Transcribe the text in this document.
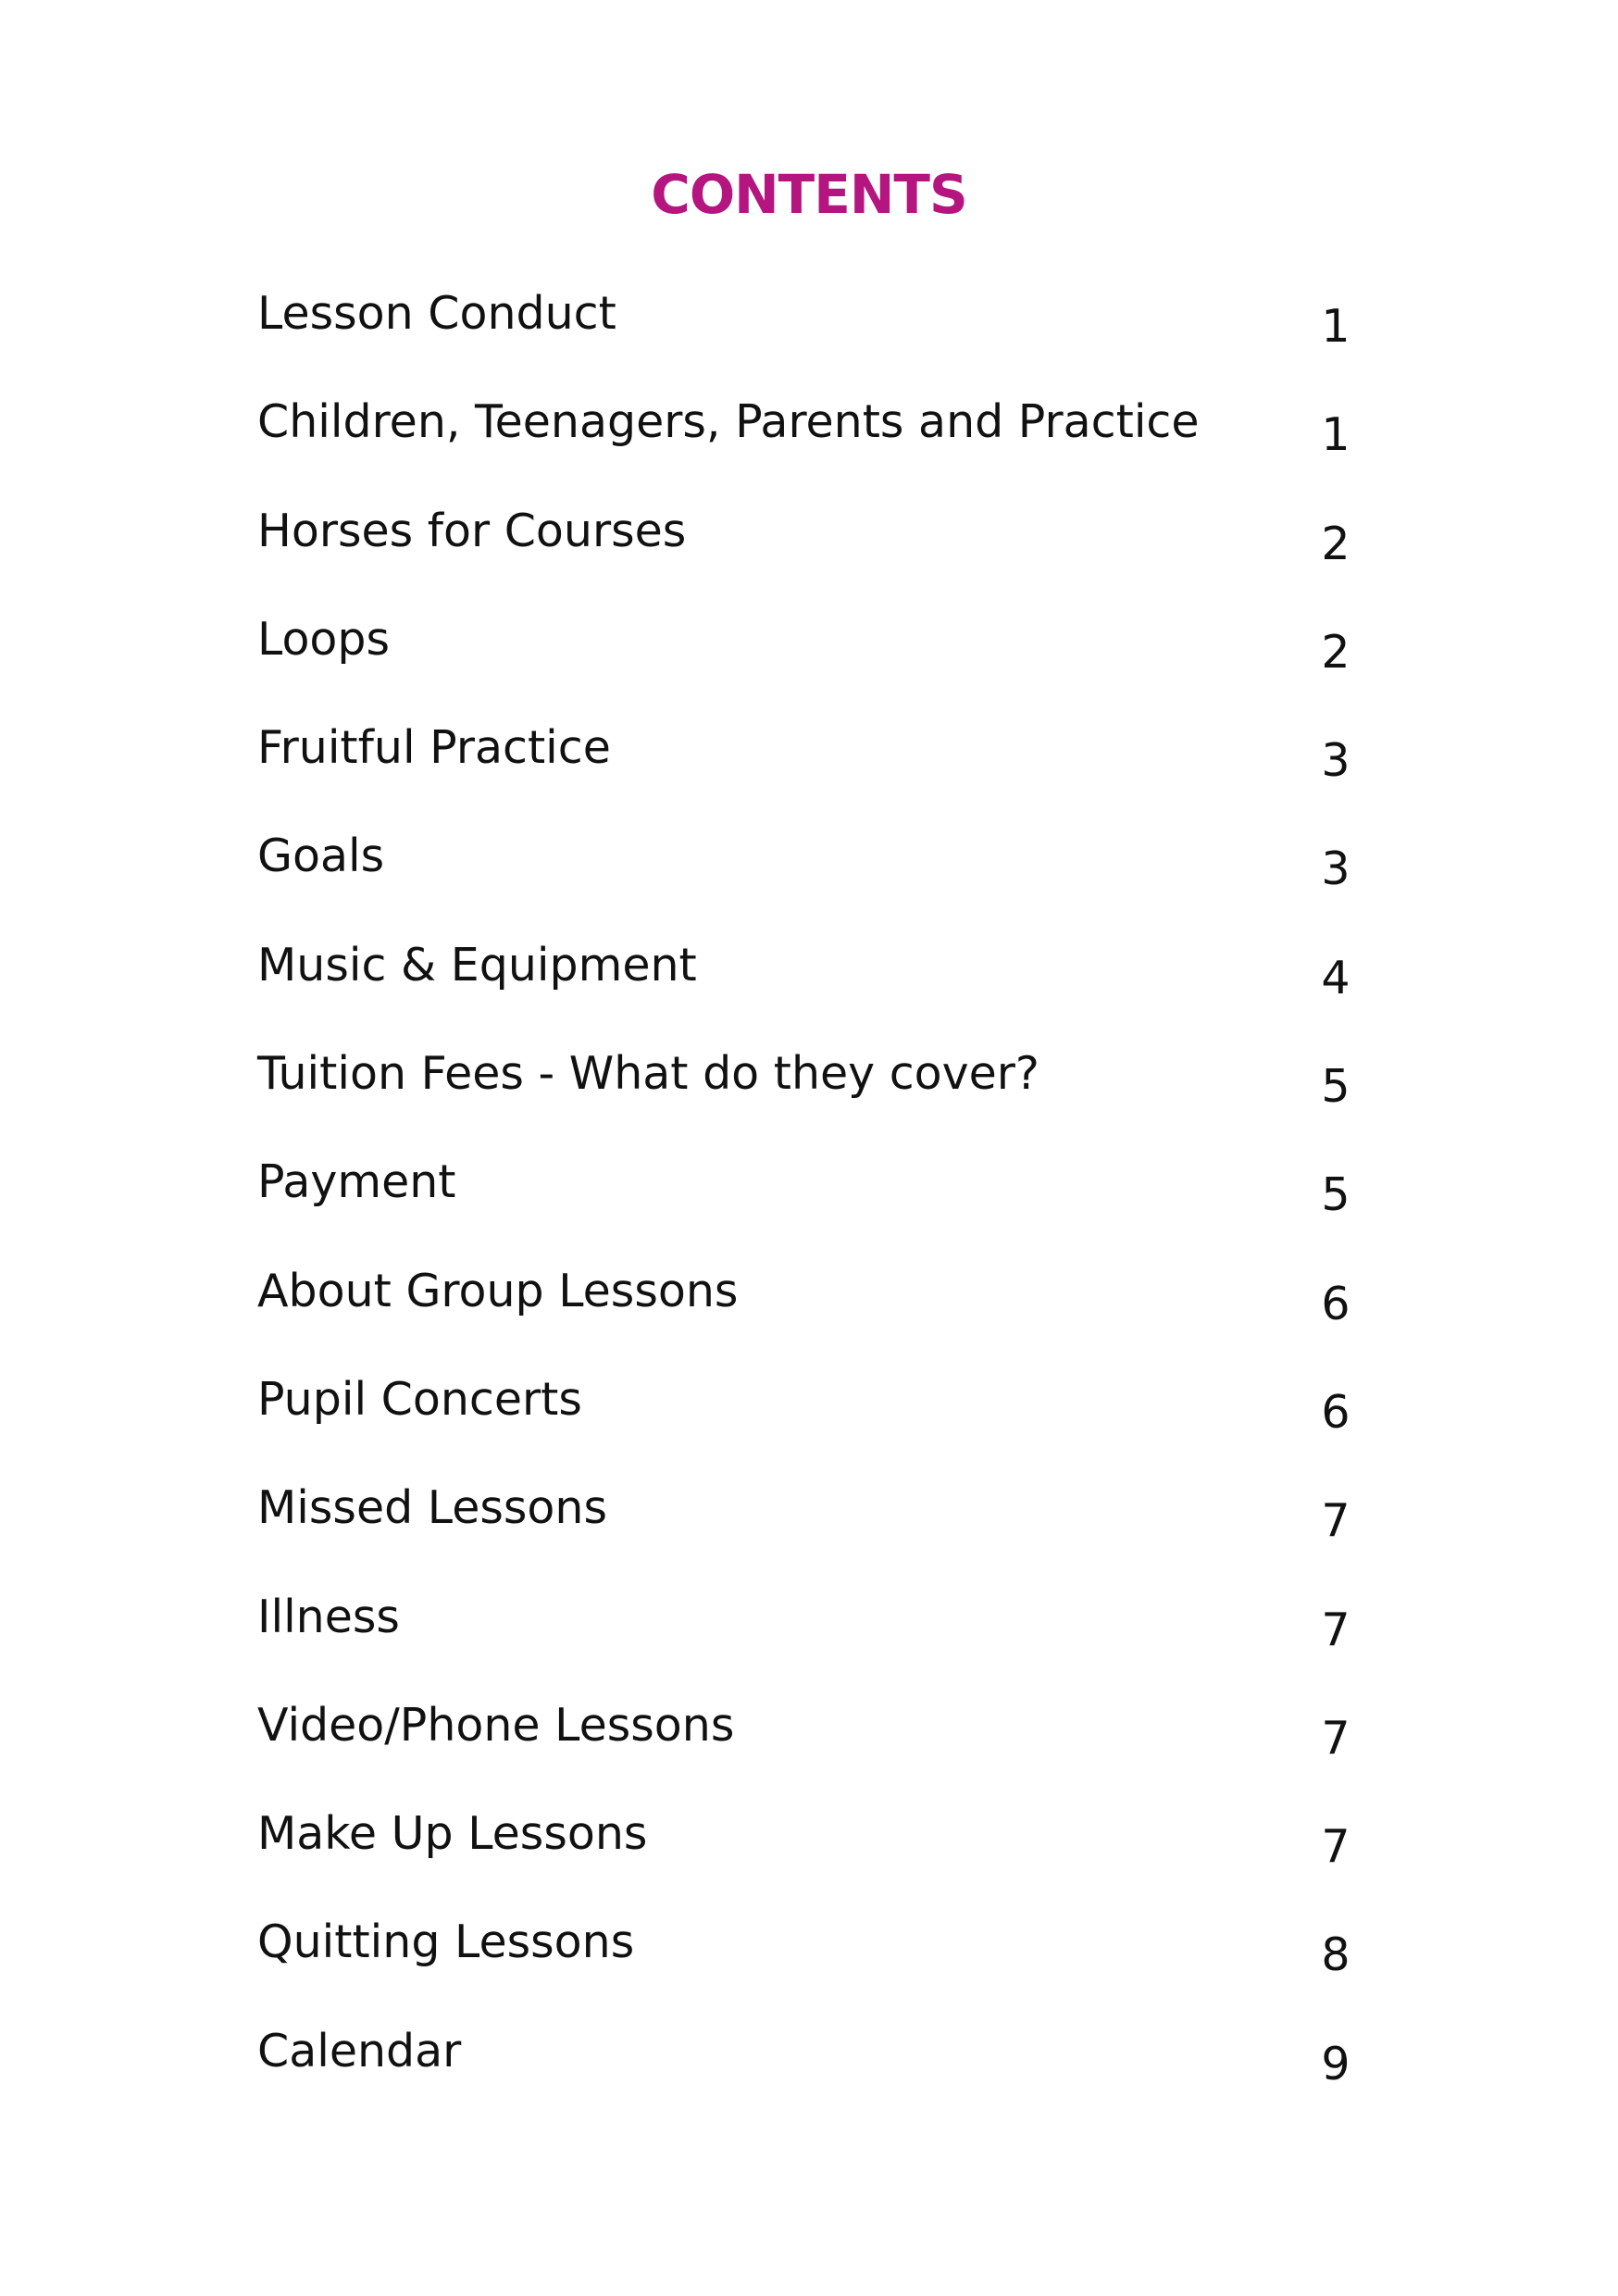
CONTENTS
Lesson Conduct	1
Children, Teenagers, Parents and Practice	1
Horses for Courses	2
Loops	2
Fruitful Practice	3
Goals	3
Music & Equipment	4
Tuition Fees - What do they cover?	5
Payment	5
About Group Lessons	6
Pupil Concerts	6
Missed Lessons	7
Illness	7
Video/Phone Lessons	7
Make Up Lessons	7
Quitting Lessons	8
Calendar	9
